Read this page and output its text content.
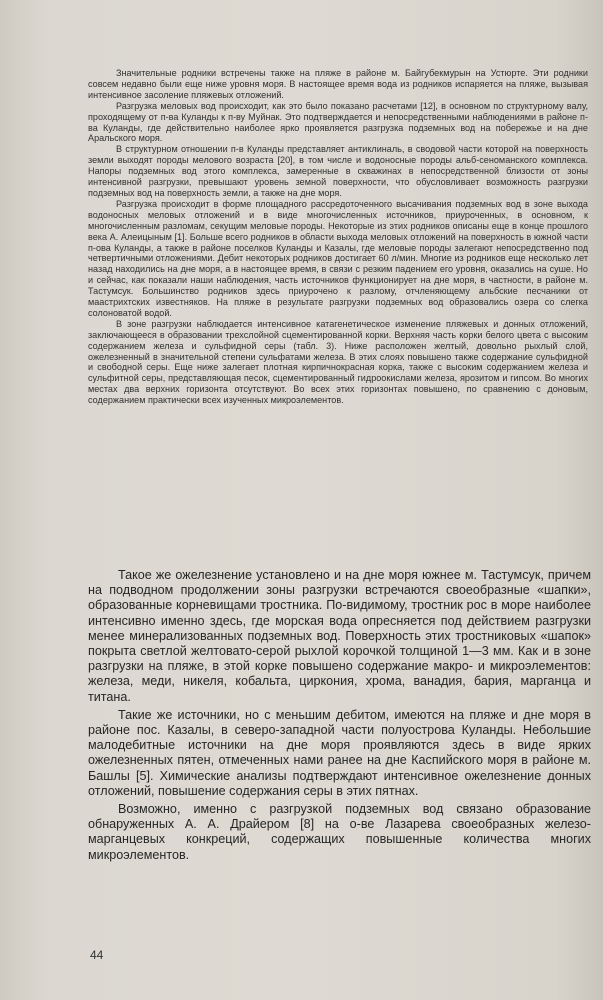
Значительные родники встречены также на пляже в районе м. Байгубекмурын на Устюрте. Эти родники совсем недавно были еще ниже уровня моря. В настоящее время вода из родников испаряется на пляже, вызывая интенсивное засоление пляжевых отложений.

Разгрузка меловых вод происходит, как это было показано расчетами [12], в основном по структурному валу, проходящему от п-ва Куланды к п-ву Муйнак. Это подтверждается и непосредственными наблюдениями в районе п-ва Куланды, где действительно наиболее ярко проявляется разгрузка подземных вод на побережье и на дне Аральского моря.

В структурном отношении п-в Куланды представляет антиклиналь, в сводовой части которой на поверхность земли выходят породы мелового возраста [20], в том числе и водоносные породы альб-сеноманского комплекса. Напоры подземных вод этого комплекса, замеренные в скважинах в непосредственной близости от зоны интенсивной разгрузки, превышают уровень земной поверхности, что обусловливает возможность разгрузки подземных вод на поверхность земли, а также на дне моря.

Разгрузка происходит в форме площадного рассредоточенного высачивания подземных вод в зоне выхода водоносных меловых отложений и в виде многочисленных источников, приуроченных, в основном, к многочисленным разломам, секущим меловые породы. Некоторые из этих родников описаны еще в конце прошлого века А. Алеицыным [1]. Больше всего родников в области выхода меловых отложений на поверхность в южной части п-ова Куланды, а также в районе поселков Куланды и Казалы, где меловые породы залегают непосредственно под четвертичными отложениями. Дебит некоторых родников достигает 60 л/мин. Многие из родников еще несколько лет назад находились на дне моря, а в настоящее время, в связи с резким падением его уровня, оказались на суше. Но и сейчас, как показали наши наблюдения, часть источников функционирует на дне моря, в частности, в районе м. Тастумсук. Большинство родников здесь приурочено к разлому, отчленяющему альбские песчаники от маастрихтских известняков. На пляже в результате разгрузки подземных вод образовались озера со слегка солоноватой водой.

В зоне разгрузки наблюдается интенсивное катагенетическое изменение пляжевых и донных отложений, заключающееся в образовании трехслойной сцементированной корки. Верхняя часть корки белого цвета с высоким содержанием железа и сульфидной серы (табл. 3). Ниже расположен желтый, довольно рыхлый слой, ожелезненный в значительной степени сульфатами железа. В этих слоях повышено также содержание сульфидной и свободной серы. Еще ниже залегает плотная кирпичнокрасная корка, также с высоким содержанием железа и сульфитной серы, представляющая песок, сцементированный гидроокислами железа, ярозитом и гипсом. Во многих местах два верхних горизонта отсутствуют. Во всех этих горизонтах повышено, по сравнению с доновым, содержанием практически всех изученных микроэлементов.

Такое же ожелезнение установлено и на дне моря южнее м. Тастумсук, причем на подводном продолжении зоны разгрузки встречаются своеобразные «шапки», образованные корневищами тростника. По-видимому, тростник рос в море наиболее интенсивно именно здесь, где морская вода опресняется под действием разгрузки менее минерализованных подземных вод. Поверхность этих тростниковых «шапок» покрыта светлой желтовато-серой рыхлой корочкой толщиной 1—3 мм. Как и в зоне разгрузки на пляже, в этой корке повышено содержание макро- и микроэлементов: железа, меди, никеля, кобальта, циркония, хрома, ванадия, бария, марганца и титана.

Такие же источники, но с меньшим дебитом, имеются на пляже и дне моря в районе пос. Казалы, в северо-западной части полуострова Куланды. Небольшие малодебитные источники на дне моря проявляются здесь в виде ярких ожелезненных пятен, отмеченных нами ранее на дне Каспийского моря в районе м. Башлы [5]. Химические анализы подтверждают интенсивное ожелезнение донных отложений, повышение содержания серы в этих пятнах.

Возможно, именно с разгрузкой подземных вод связано образование обнаруженных А. А. Драйером [8] на о-ве Лазарева своеобразных железо-марганцевых конкреций, содержащих повышенные количества многих микроэлементов.

44
